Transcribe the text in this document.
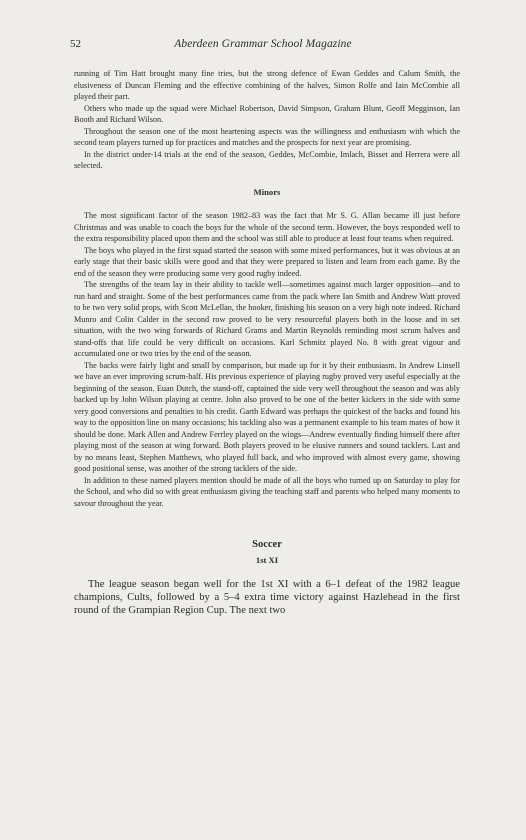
52	Aberdeen Grammar School Magazine

running of Tim Hatt brought many fine tries, but the strong defence of Ewan Geddes and Calum Smith, the elusiveness of Duncan Fleming and the effective combining of the halves, Simon Rolfe and Iain McCombie all played their part.

Others who made up the squad were Michael Robertson, David Simpson, Graham Blunt, Geoff Megginson, Ian Booth and Richard Wilson.

Throughout the season one of the most heartening aspects was the willingness and enthusiasm with which the second team players turned up for practices and matches and the prospects for next year are promising.

In the district under-14 trials at the end of the season, Geddes, McCombie, Imlach, Bisset and Herrera were all selected.

Minors

The most significant factor of the season 1982–83 was the fact that Mr S. G. Allan became ill just before Christmas and was unable to coach the boys for the whole of the second term. However, the boys responded well to the extra responsibility placed upon them and the school was still able to produce at least four teams when required.

The boys who played in the first squad started the season with some mixed performances, but it was obvious at an early stage that their basic skills were good and that they were prepared to listen and learn from each game. By the end of the season they were producing some very good rugby indeed.

The strengths of the team lay in their ability to tackle well—sometimes against much larger opposition—and to run hard and straight. Some of the best performances came from the pack where Ian Smith and Andrew Watt proved to be two very solid props, with Scott McLellan, the hooker, finishing his season on a very high note indeed. Richard Munro and Colin Calder in the second row proved to be very resourceful players both in the loose and in set situation, with the two wing forwards of Richard Grams and Martin Reynolds reminding most scrum halves and stand-offs that life could be very difficult on occasions. Karl Schmitz played No. 8 with great vigour and accumulated one or two tries by the end of the season.

The backs were fairly light and small by comparison, but made up for it by their enthusiasm. In Andrew Linsell we have an ever improving scrum-half. His previous experience of playing rugby proved very useful especially at the beginning of the season. Euan Dutch, the stand-off, captained the side very well throughout the season and was ably backed up by John Wilson playing at centre. John also proved to be one of the better kickers in the side with some very good conversions and penalties to his credit. Garth Edward was perhaps the quickest of the backs and found his way to the opposition line on many occasions; his tackling also was a permanent example to his team mates of how it should be done. Mark Allen and Andrew Ferrley played on the wings—Andrew eventually finding himself there after playing most of the season at wing forward. Both players proved to be elusive runners and sound tacklers. Last and by no means least, Stephen Matthews, who played full back, and who improved with almost every game, showing good positional sense, was another of the strong tacklers of the side.

In addition to these named players mention should be made of all the boys who turned up on Saturday to play for the School, and who did so with great enthusiasm giving the teaching staff and parents who helped many moments to savour throughout the year.

Soccer
1st XI

The league season began well for the 1st XI with a 6–1 defeat of the 1982 league champions, Cults, followed by a 5–4 extra time victory against Hazlehead in the first round of the Grampian Region Cup. The next two
